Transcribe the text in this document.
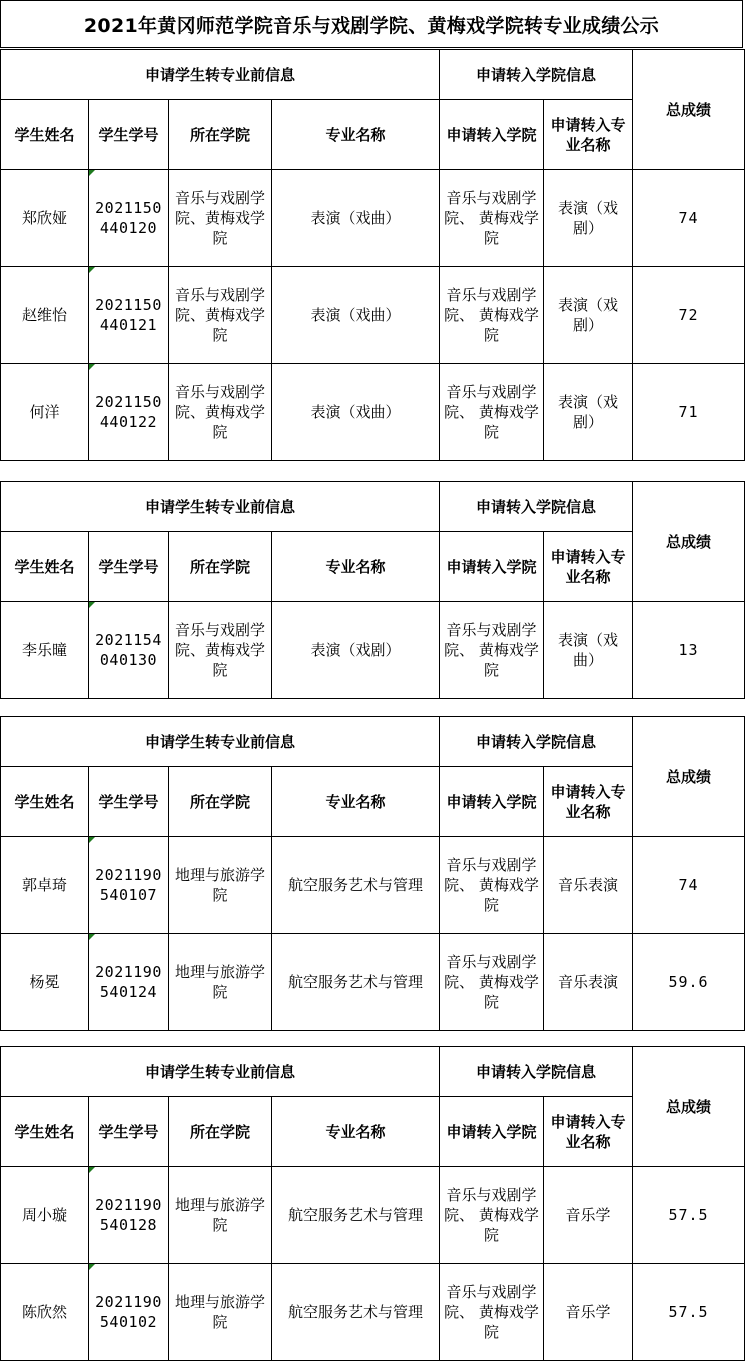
2021年黄冈师范学院音乐与戏剧学院、黄梅戏学院转专业成绩公示
申请学生转专业前信息				申请转入学院信息		总成绩
学生姓名	学生学号	所在学院	专业名称	申请转入学院	申请转入专业名称	
郑欣娅	2021150440120	音乐与戏剧学院、黄梅戏学院	表演（戏曲）	音乐与戏剧学院、 黄梅戏学院	表演（戏剧）	74
赵维怡	2021150440121	音乐与戏剧学院、黄梅戏学院	表演（戏曲）	音乐与戏剧学院、 黄梅戏学院	表演（戏剧）	72
何洋	2021150440122	音乐与戏剧学院、黄梅戏学院	表演（戏曲）	音乐与戏剧学院、 黄梅戏学院	表演（戏剧）	71
申请学生转专业前信息				申请转入学院信息		总成绩
学生姓名	学生学号	所在学院	专业名称	申请转入学院	申请转入专业名称	
李乐曈	2021154040130	音乐与戏剧学院、黄梅戏学院	表演（戏剧）	音乐与戏剧学院、 黄梅戏学院	表演（戏曲）	13
申请学生转专业前信息				申请转入学院信息		总成绩
学生姓名	学生学号	所在学院	专业名称	申请转入学院	申请转入专业名称	
郭卓琦	2021190540107	地理与旅游学院	航空服务艺术与管理	音乐与戏剧学院、 黄梅戏学院	音乐表演	74
杨冕	2021190540124	地理与旅游学院	航空服务艺术与管理	音乐与戏剧学院、 黄梅戏学院	音乐表演	59.6
申请学生转专业前信息				申请转入学院信息		总成绩
学生姓名	学生学号	所在学院	专业名称	申请转入学院	申请转入专业名称	
周小璇	2021190540128	地理与旅游学院	航空服务艺术与管理	音乐与戏剧学院、 黄梅戏学院	音乐学	57.5
陈欣然	2021190540102	地理与旅游学院	航空服务艺术与管理	音乐与戏剧学院、 黄梅戏学院	音乐学	57.5
